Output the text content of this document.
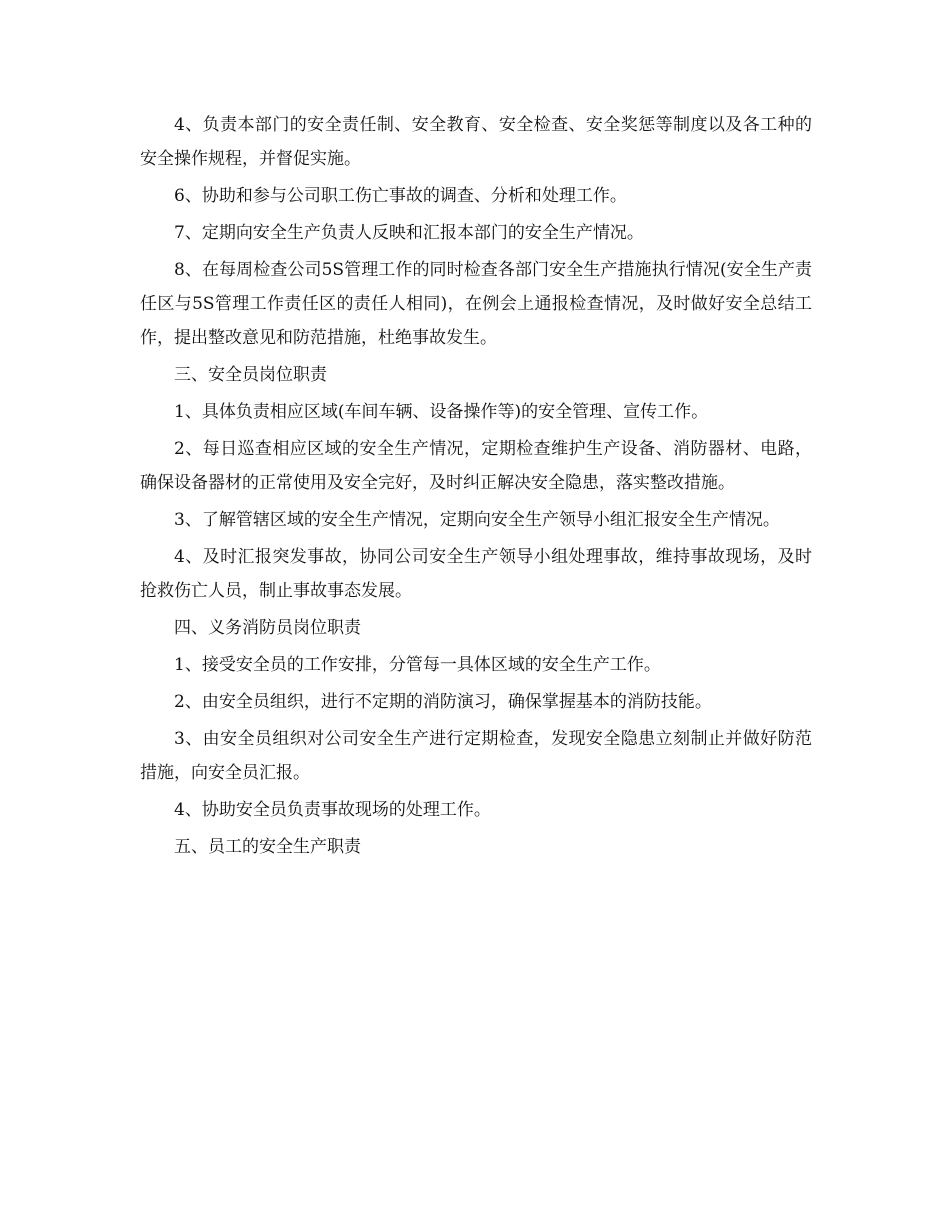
4、负责本部门的安全责任制、安全教育、安全检查、安全奖惩等制度以及各工种的安全操作规程，并督促实施。

6、协助和参与公司职工伤亡事故的调查、分析和处理工作。

7、定期向安全生产负责人反映和汇报本部门的安全生产情况。

8、在每周检查公司5S管理工作的同时检查各部门安全生产措施执行情况(安全生产责任区与5S管理工作责任区的责任人相同)，在例会上通报检查情况，及时做好安全总结工作，提出整改意见和防范措施，杜绝事故发生。

三、安全员岗位职责

1、具体负责相应区域(车间车辆、设备操作等)的安全管理、宣传工作。

2、每日巡查相应区域的安全生产情况，定期检查维护生产设备、消防器材、电路，确保设备器材的正常使用及安全完好，及时纠正解决安全隐患，落实整改措施。

3、了解管辖区域的安全生产情况，定期向安全生产领导小组汇报安全生产情况。

4、及时汇报突发事故，协同公司安全生产领导小组处理事故，维持事故现场，及时抢救伤亡人员，制止事故事态发展。

四、义务消防员岗位职责

1、接受安全员的工作安排，分管每一具体区域的安全生产工作。

2、由安全员组织，进行不定期的消防演习，确保掌握基本的消防技能。

3、由安全员组织对公司安全生产进行定期检查，发现安全隐患立刻制止并做好防范措施，向安全员汇报。

4、协助安全员负责事故现场的处理工作。

五、员工的安全生产职责
